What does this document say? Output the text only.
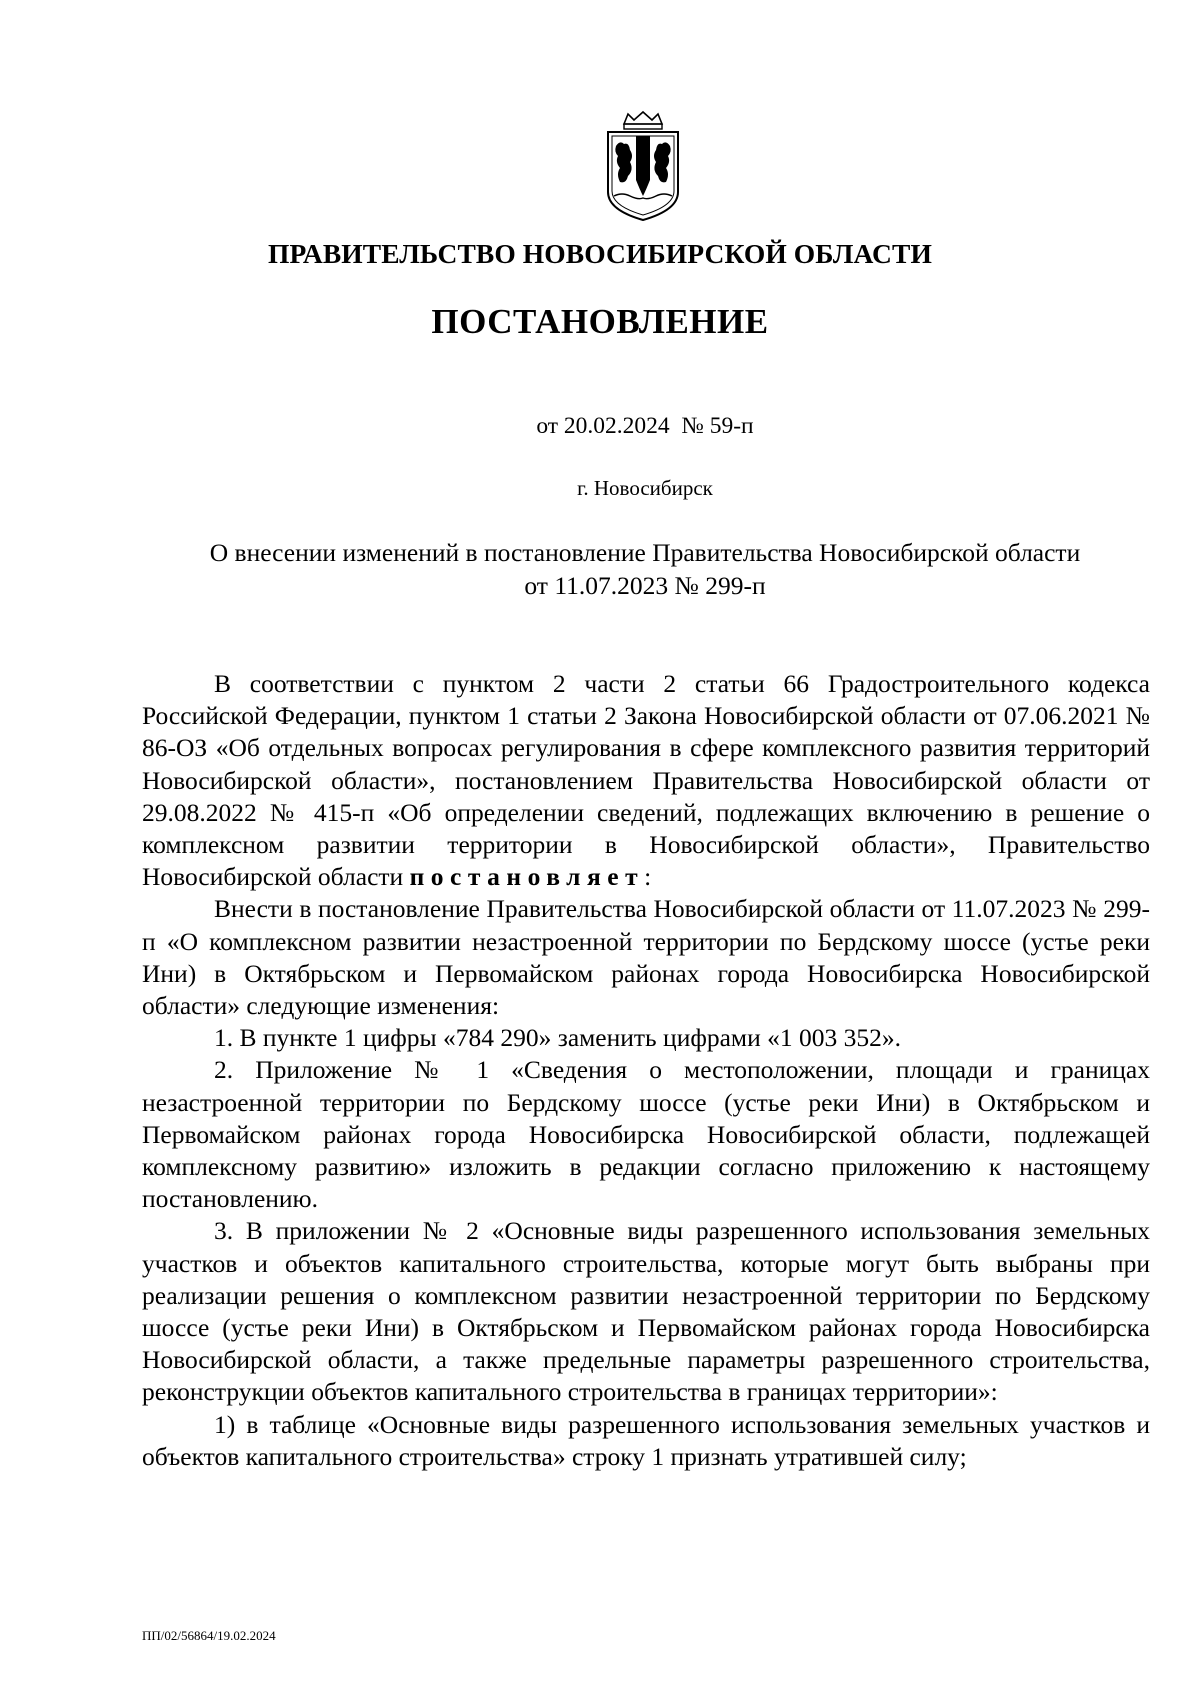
ПРАВИТЕЛЬСТВО НОВОСИБИРСКОЙ ОБЛАСТИ
ПОСТАНОВЛЕНИЕ
от 20.02.2024  № 59-п
г. Новосибирск
О внесении изменений в постановление Правительства Новосибирской области
от 11.07.2023 № 299-п

В соответствии с пунктом 2 части 2 статьи 66 Градостроительного кодекса Российской Федерации, пунктом 1 статьи 2 Закона Новосибирской области от 07.06.2021 № 86-ОЗ «Об отдельных вопросах регулирования в сфере комплексного развития территорий Новосибирской области», постановлением Правительства Новосибирской области от 29.08.2022 № 415-п «Об определении сведений, подлежащих включению в решение о комплексном развитии территории в Новосибирской области», Правительство Новосибирской области постановляет:

Внести в постановление Правительства Новосибирской области от 11.07.2023 № 299-п «О комплексном развитии незастроенной территории по Бердскому шоссе (устье реки Ини) в Октябрьском и Первомайском районах города Новосибирска Новосибирской области» следующие изменения:

1. В пункте 1 цифры «784 290» заменить цифрами «1 003 352».

2. Приложение № 1 «Сведения о местоположении, площади и границах незастроенной территории по Бердскому шоссе (устье реки Ини) в Октябрьском и Первомайском районах города Новосибирска Новосибирской области, подлежащей комплексному развитию» изложить в редакции согласно приложению к настоящему постановлению.

3. В приложении № 2 «Основные виды разрешенного использования земельных участков и объектов капитального строительства, которые могут быть выбраны при реализации решения о комплексном развитии незастроенной территории по Бердскому шоссе (устье реки Ини) в Октябрьском и Первомайском районах города Новосибирска Новосибирской области, а также предельные параметры разрешенного строительства, реконструкции объектов капитального строительства в границах территории»:

1) в таблице «Основные виды разрешенного использования земельных участков и объектов капитального строительства» строку 1 признать утратившей силу;

ПП/02/56864/19.02.2024
